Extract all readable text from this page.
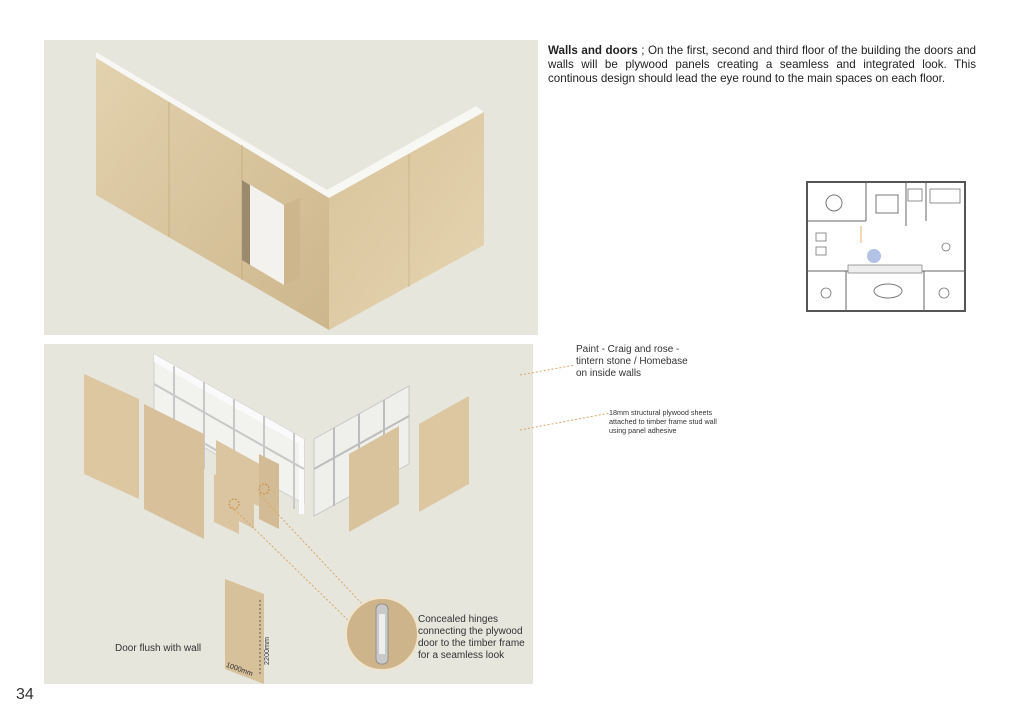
Walls and doors ; On the first, second and third floor of the building the doors and walls will be plywood panels creating a seamless and integrated look. This continous design should lead the eye round to the main spaces on each floor.
Paint - Craig and rose -
tintern stone / Homebase
on inside walls
18mm structural plywood sheets
attached to timber frame stud wall
using panel adhesive
Concealed hinges
connecting the plywood
door to the timber frame
for a seamless look
Door flush with wall
1000mm
2200mm
34
